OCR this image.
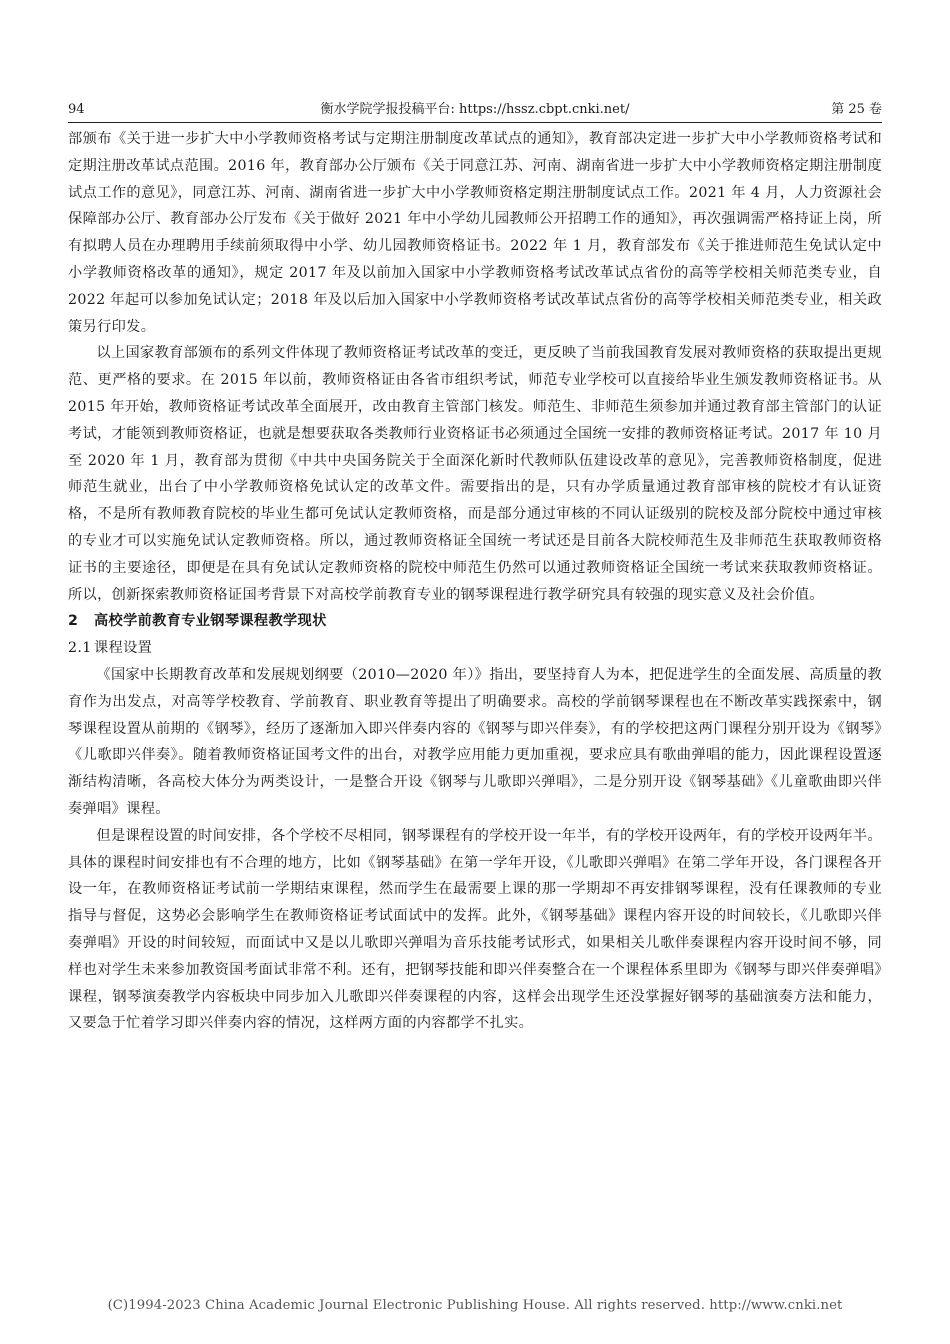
94	衡水学院学报投稿平台: https://hssz.cbpt.cnki.net/	第 25 卷

部颁布《关于进一步扩大中小学教师资格考试与定期注册制度改革试点的通知》，教育部决定进一步扩大中小学教师资格考试和定期注册改革试点范围。2016 年，教育部办公厅颁布《关于同意江苏、河南、湖南省进一步扩大中小学教师资格定期注册制度试点工作的意见》，同意江苏、河南、湖南省进一步扩大中小学教师资格定期注册制度试点工作。2021 年 4 月，人力资源社会保障部办公厅、教育部办公厅发布《关于做好 2021 年中小学幼儿园教师公开招聘工作的通知》，再次强调需严格持证上岗，所有拟聘人员在办理聘用手续前须取得中小学、幼儿园教师资格证书。2022 年 1 月，教育部发布《关于推进师范生免试认定中小学教师资格改革的通知》，规定 2017 年及以前加入国家中小学教师资格考试改革试点省份的高等学校相关师范类专业，自 2022 年起可以参加免试认定；2018 年及以后加入国家中小学教师资格考试改革试点省份的高等学校相关师范类专业，相关政策另行印发。

以上国家教育部颁布的系列文件体现了教师资格证考试改革的变迁，更反映了当前我国教育发展对教师资格的获取提出更规范、更严格的要求。在 2015 年以前，教师资格证由各省市组织考试，师范专业学校可以直接给毕业生颁发教师资格证书。从 2015 年开始，教师资格证考试改革全面展开，改由教育主管部门核发。师范生、非师范生须参加并通过教育部主管部门的认证考试，才能领到教师资格证，也就是想要获取各类教师行业资格证书必须通过全国统一安排的教师资格证考试。2017 年 10 月至 2020 年 1 月，教育部为贯彻《中共中央国务院关于全面深化新时代教师队伍建设改革的意见》，完善教师资格制度，促进师范生就业，出台了中小学教师资格免试认定的改革文件。需要指出的是，只有办学质量通过教育部审核的院校才有认证资格，不是所有教师教育院校的毕业生都可免试认定教师资格，而是部分通过审核的不同认证级别的院校及部分院校中通过审核的专业才可以实施免试认定教师资格。所以，通过教师资格证全国统一考试还是目前各大院校师范生及非师范生获取教师资格证书的主要途径，即便是在具有免试认定教师资格的院校中师范生仍然可以通过教师资格证全国统一考试来获取教师资格证。所以，创新探索教师资格证国考背景下对高校学前教育专业的钢琴课程进行教学研究具有较强的现实意义及社会价值。

2 高校学前教育专业钢琴课程教学现状
2.1 课程设置

《国家中长期教育改革和发展规划纲要（2010—2020 年）》指出，要坚持育人为本，把促进学生的全面发展、高质量的教育作为出发点，对高等学校教育、学前教育、职业教育等提出了明确要求。高校的学前钢琴课程也在不断改革实践探索中，钢琴课程设置从前期的《钢琴》，经历了逐渐加入即兴伴奏内容的《钢琴与即兴伴奏》，有的学校把这两门课程分别开设为《钢琴》《儿歌即兴伴奏》。随着教师资格证国考文件的出台，对教学应用能力更加重视，要求应具有歌曲弹唱的能力，因此课程设置逐渐结构清晰，各高校大体分为两类设计，一是整合开设《钢琴与儿歌即兴弹唱》，二是分别开设《钢琴基础》《儿童歌曲即兴伴奏弹唱》课程。

但是课程设置的时间安排，各个学校不尽相同，钢琴课程有的学校开设一年半，有的学校开设两年，有的学校开设两年半。具体的课程时间安排也有不合理的地方，比如《钢琴基础》在第一学年开设，《儿歌即兴弹唱》在第二学年开设，各门课程各开设一年，在教师资格证考试前一学期结束课程，然而学生在最需要上课的那一学期却不再安排钢琴课程，没有任课教师的专业指导与督促，这势必会影响学生在教师资格证考试面试中的发挥。此外，《钢琴基础》课程内容开设的时间较长，《儿歌即兴伴奏弹唱》开设的时间较短，而面试中又是以儿歌即兴弹唱为音乐技能考试形式，如果相关儿歌伴奏课程内容开设时间不够，同样也对学生未来参加教资国考面试非常不利。还有，把钢琴技能和即兴伴奏整合在一个课程体系里即为《钢琴与即兴伴奏弹唱》课程，钢琴演奏教学内容板块中同步加入儿歌即兴伴奏课程的内容，这样会出现学生还没掌握好钢琴的基础演奏方法和能力，又要急于忙着学习即兴伴奏内容的情况，这样两方面的内容都学不扎实。

(C)1994-2023 China Academic Journal Electronic Publishing House. All rights reserved. http://www.cnki.net
